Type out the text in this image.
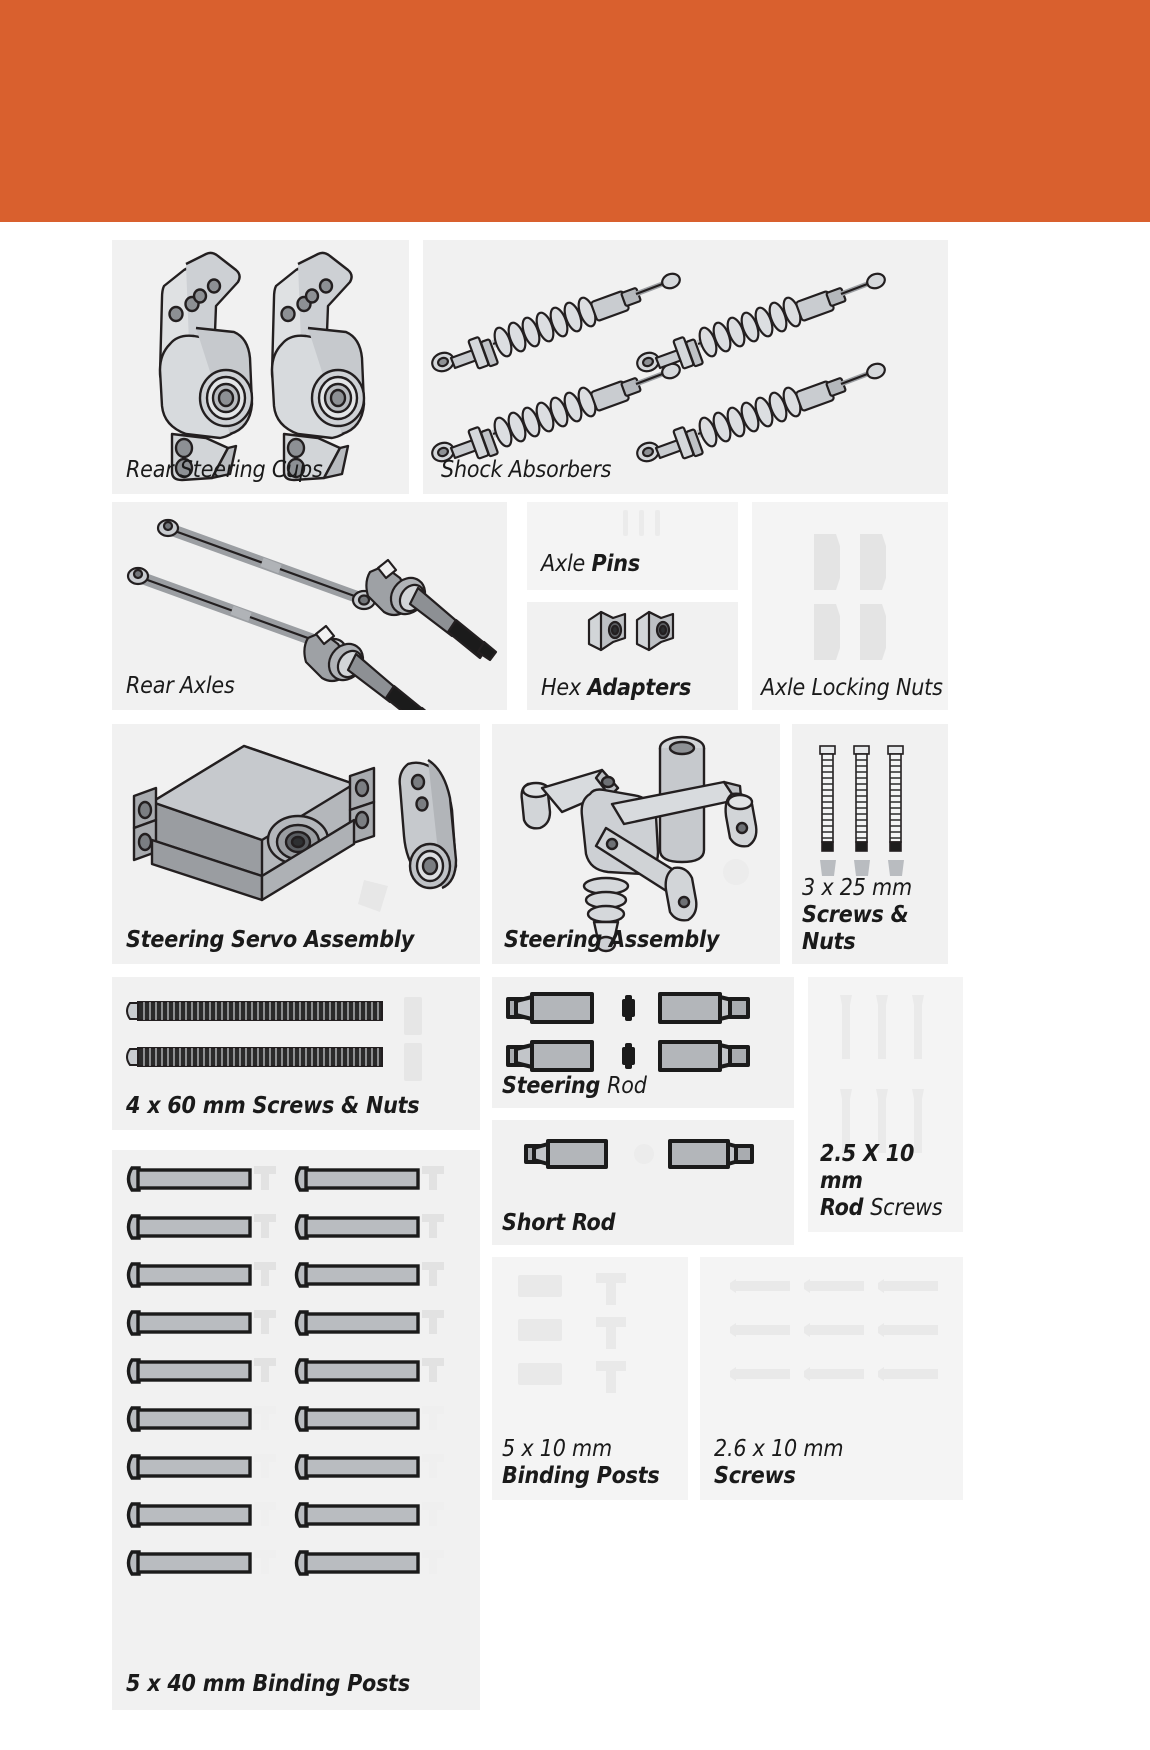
Rear Steering Cups	Shock Absorbers
Rear Axles
Axle Pins
Hex Adapters	Axle Locking Nuts
Steering Servo Assembly	Steering Assembly
3 x 25 mm
Screws & Nuts
4 x 60 mm Screws & Nuts
Steering Rod
2.5 X 10 mm
Rod Screws
Short Rod
5 x 40 mm Binding Posts
5 x 10 mm
Binding Posts
2.6 x 10 mm
Screws
